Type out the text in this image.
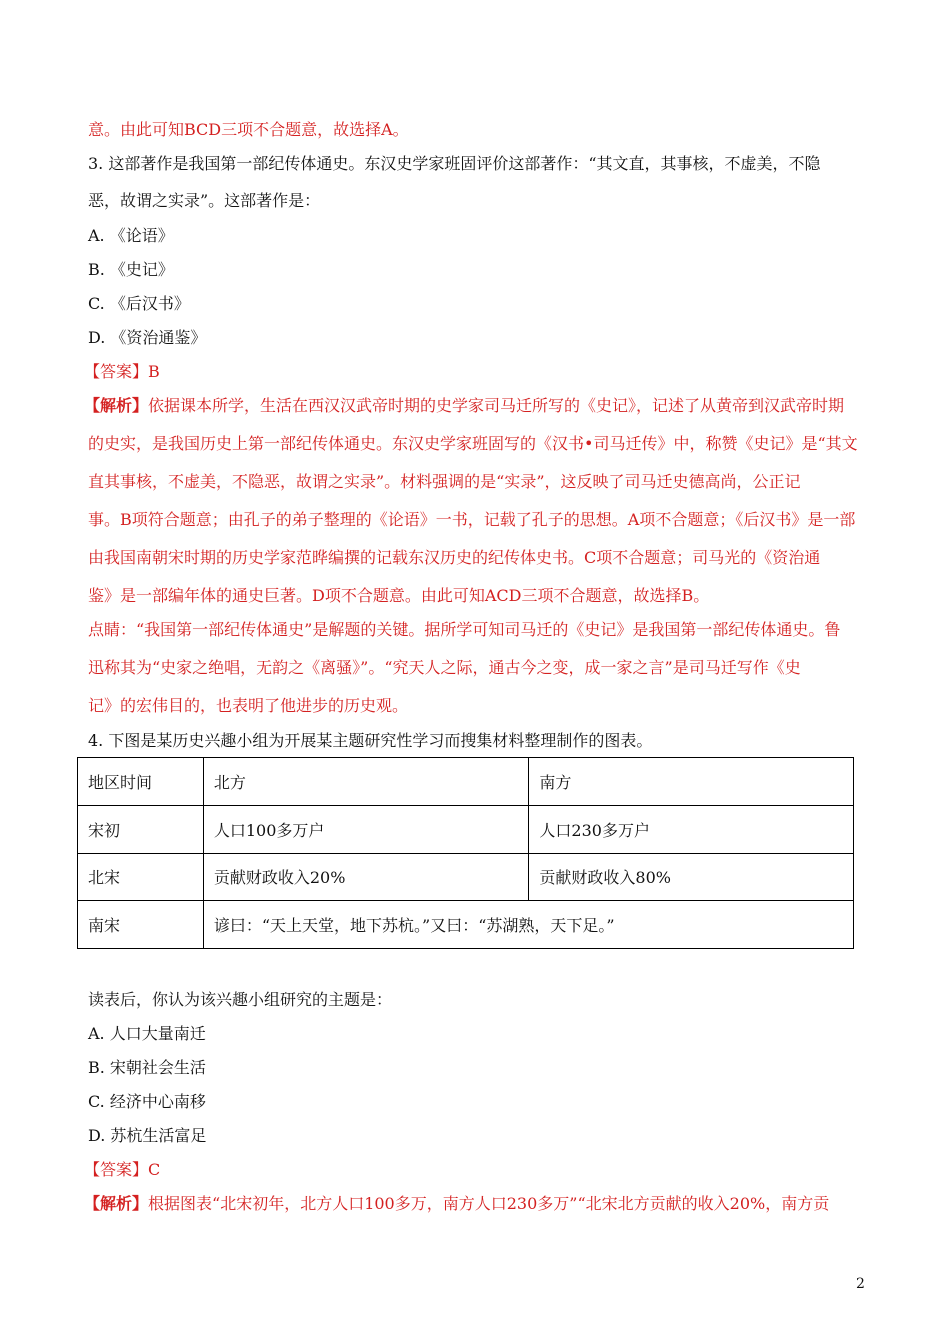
意。由此可知BCD三项不合题意，故选择A。
3. 这部著作是我国第一部纪传体通史。东汉史学家班固评价这部著作：“其文直，其事核，不虚美，不隐
恶，故谓之实录”。这部著作是：
A. 《论语》
B. 《史记》
C. 《后汉书》
D. 《资治通鉴》
【答案】B
【解析】依据课本所学，生活在西汉汉武帝时期的史学家司马迁所写的《史记》，记述了从黄帝到汉武帝时期
的史实，是我国历史上第一部纪传体通史。东汉史学家班固写的《汉书•司马迁传》中，称赞《史记》是“其文
直其事核，不虚美，不隐恶，故谓之实录”。材料强调的是“实录”，这反映了司马迁史德高尚，公正记
事。B项符合题意；由孔子的弟子整理的《论语》一书，记载了孔子的思想。A项不合题意；《后汉书》是一部
由我国南朝宋时期的历史学家范晔编撰的记载东汉历史的纪传体史书。C项不合题意；司马光的《资治通
鉴》是一部编年体的通史巨著。D项不合题意。由此可知ACD三项不合题意，故选择B。
点睛：“我国第一部纪传体通史”是解题的关键。据所学可知司马迁的《史记》是我国第一部纪传体通史。鲁
迅称其为“史家之绝唱，无韵之《离骚》”。“究天人之际，通古今之变，成一家之言”是司马迁写作《史
记》的宏伟目的，也表明了他进步的历史观。
4. 下图是某历史兴趣小组为开展某主题研究性学习而搜集材料整理制作的图表。
地区时间	北方	南方
宋初	人口100多万户	人口230多万户
北宋	贡献财政收入20%	贡献财政收入80%
南宋	谚曰：“天上天堂，地下苏杭。”又曰：“苏湖熟，天下足。”	
读表后，你认为该兴趣小组研究的主题是：
A. 人口大量南迁
B. 宋朝社会生活
C. 经济中心南移
D. 苏杭生活富足
【答案】C
【解析】根据图表“北宋初年，北方人口100多万，南方人口230多万”“北宋北方贡献的收入20%，南方贡
2
